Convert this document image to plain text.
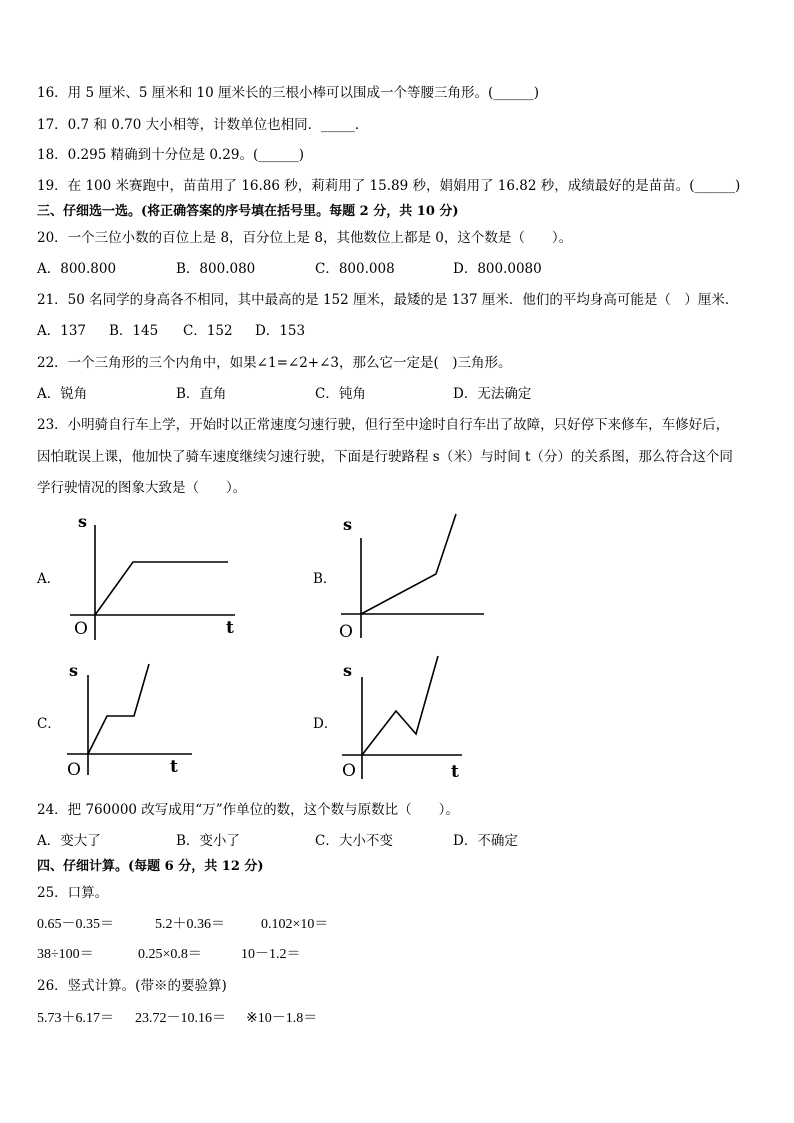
16．用 5 厘米、5 厘米和 10 厘米长的三根小棒可以围成一个等腰三角形。(______)
17．0.7 和 0.70 大小相等，计数单位也相同．_____．
18．0.295 精确到十分位是 0.29。(______)
19．在 100 米赛跑中，苗苗用了 16.86 秒，莉莉用了 15.89 秒，娟娟用了 16.82 秒，成绩最好的是苗苗。(______)
三、仔细选一选。(将正确答案的序号填在括号里。每题 2 分，共 10 分)
20．一个三位小数的百位上是 8，百分位上是 8，其他数位上都是 0，这个数是（　　）。
A．800.800	B．800.080	C．800.008	D．800.0080
21．50 名同学的身高各不相同，其中最高的是 152 厘米，最矮的是 137 厘米．他们的平均身高可能是（　）厘米．
A．137 B．145 C．152 D．153
22．一个三角形的三个内角中，如果∠1=∠2+∠3，那么它一定是(　)三角形。
A．锐角	B．直角	C．钝角	D．无法确定
23．小明骑自行车上学，开始时以正常速度匀速行驶，但行至中途时自行车出了故障，只好停下来修车，车修好后，
因怕耽误上课，他加快了骑车速度继续匀速行驶，下面是行驶路程 s（米）与时间 t（分）的关系图，那么符合这个同
学行驶情况的图象大致是（　　）。
A．
s
t
O
B．
s
O
C．
s
t
O
D．
s
t
O
24．把 760000 改写成用“万”作单位的数，这个数与原数比（　　）。
A．变大了	B．变小了	C．大小不变	D．不确定
四、仔细计算。(每题 6 分，共 12 分)
25．口算。
0.65－0.35＝	5.2＋0.36＝	0.102×10＝
38÷100＝	0.25×0.8＝	10－1.2＝
26．竖式计算。(带※的要验算)
5.73＋6.17＝ 23.72－10.16＝ ※10－1.8＝
